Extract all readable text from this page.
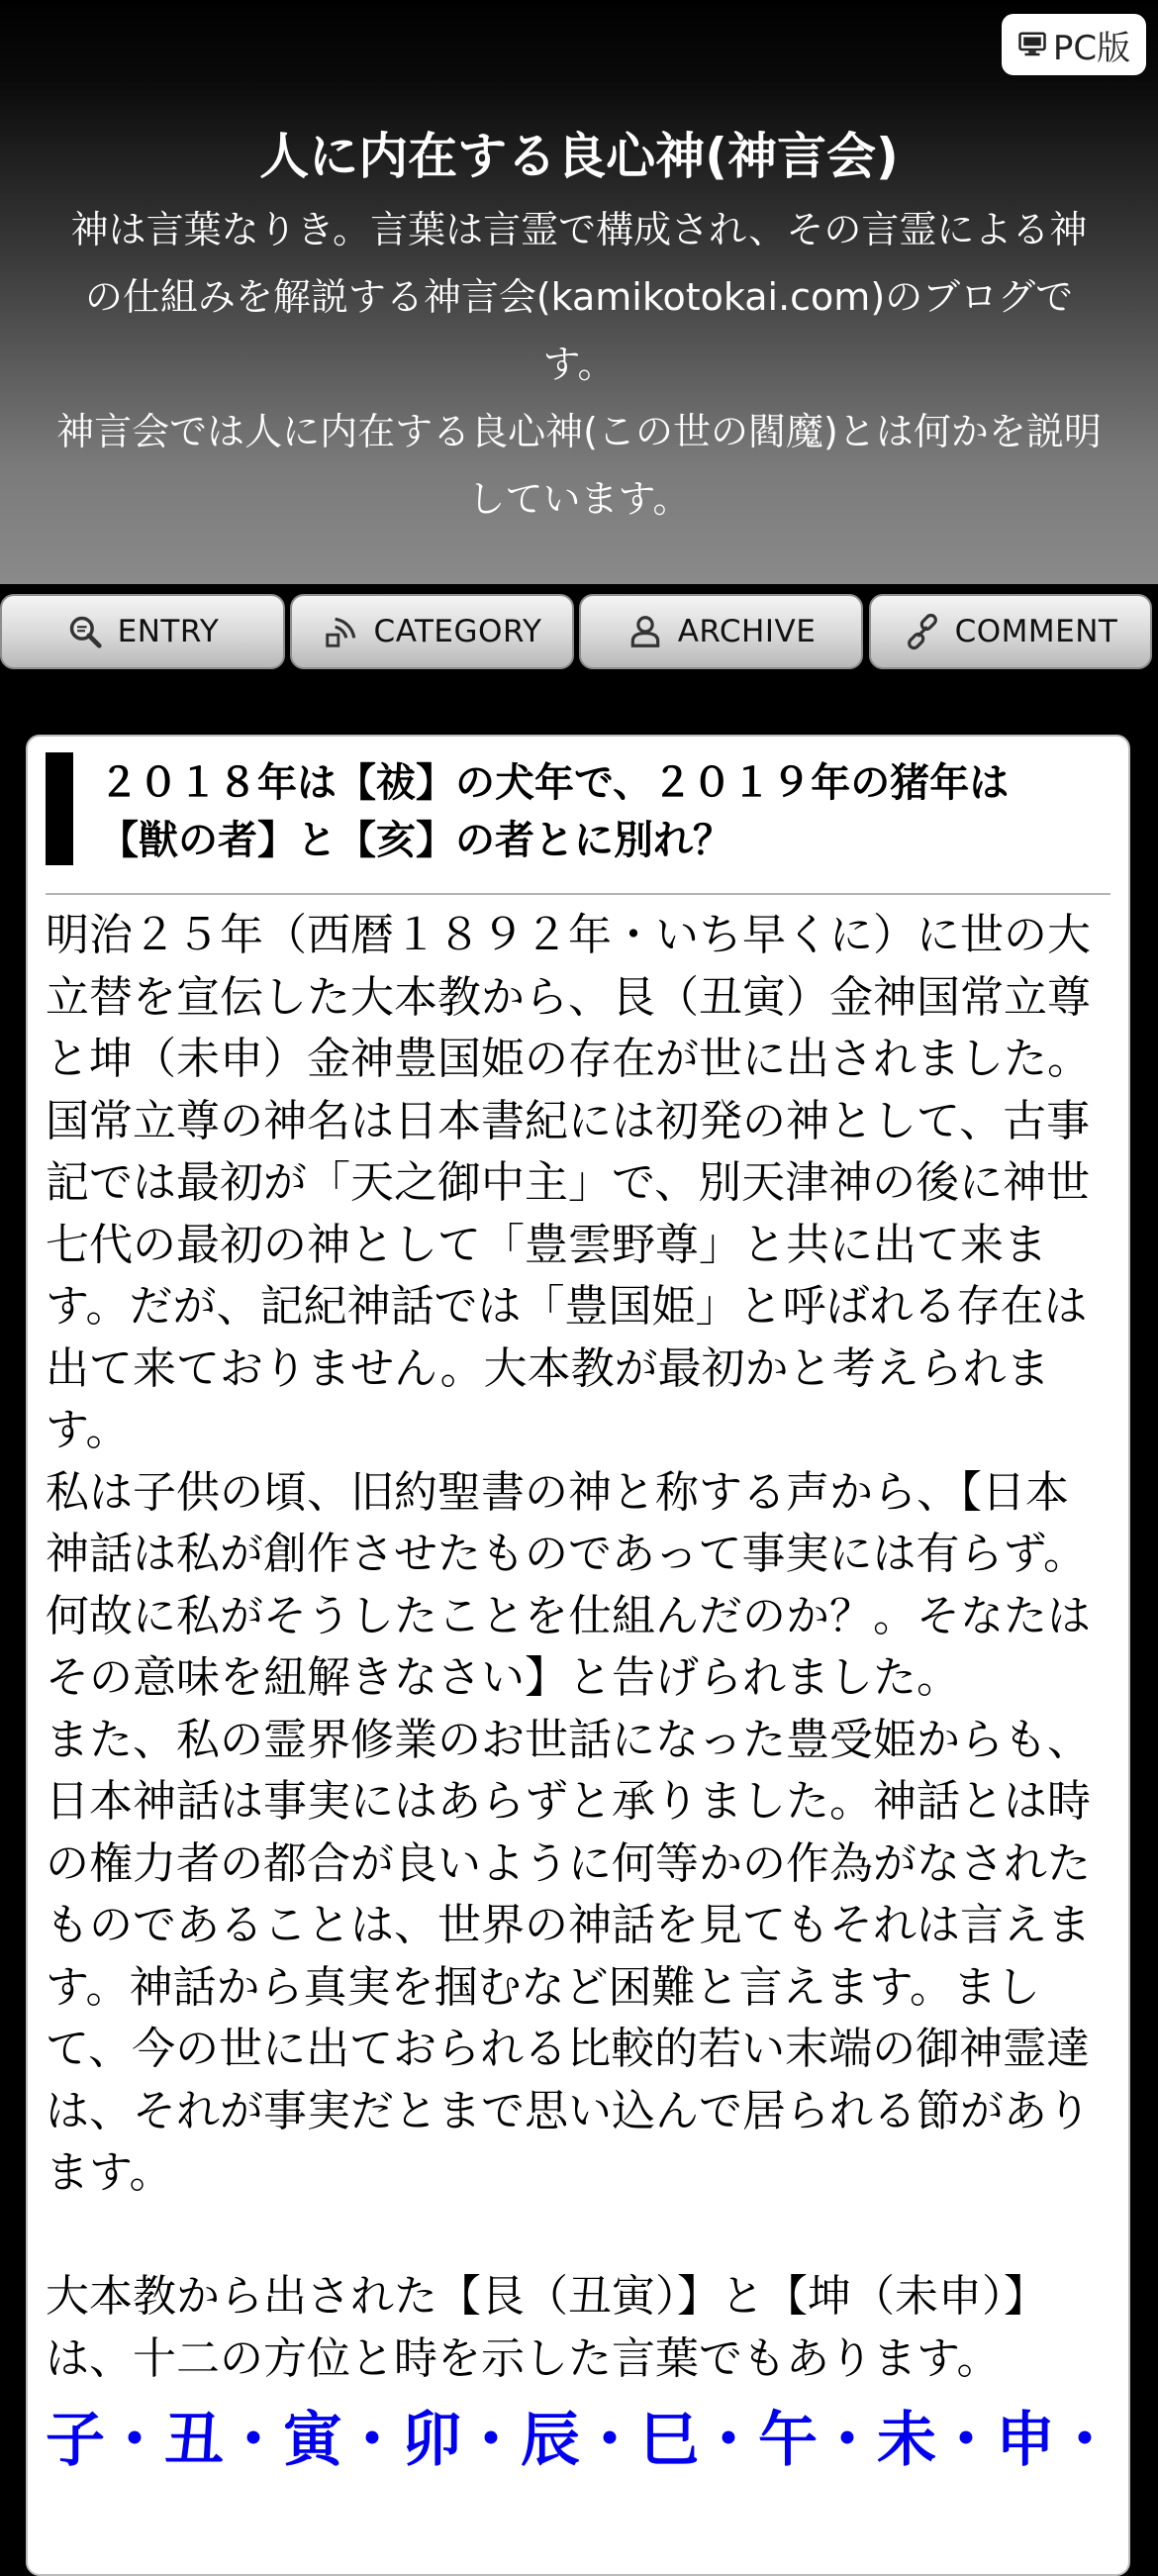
PC版
人に内在する良心神(神言会)

神は言葉なりき。言葉は言霊で構成され、その言霊による神

の仕組みを解説する神言会(kamikotokai.com)のブログで

す。

神言会では人に内在する良心神(この世の閻魔)とは何かを説明

しています。

ENTRY	CATEGORY	ARCHIVE	COMMENT
２０１８年は【祓】の犬年で、２０１９年の猪年は
【獣の者】と【亥】の者とに別れ？

明治２５年（西暦１８９２年・いち早くに）に世の大

立替を宣伝した大本教から、艮（丑寅）金神国常立尊

と坤（未申）金神豊国姫の存在が世に出されました。

国常立尊の神名は日本書紀には初発の神として、古事

記では最初が「天之御中主」で、別天津神の後に神世

七代の最初の神として「豊雲野尊」と共に出て来ま

す。だが、記紀神話では「豊国姫」と呼ばれる存在は

出て来ておりません。大本教が最初かと考えられま

す。

私は子供の頃、旧約聖書の神と称する声から、【日本

神話は私が創作させたものであって事実には有らず。

何故に私がそうしたことを仕組んだのか？。そなたは

その意味を紐解きなさい】と告げられました。

また、私の霊界修業のお世話になった豊受姫からも、

日本神話は事実にはあらずと承りました。神話とは時

の権力者の都合が良いように何等かの作為がなされた

ものであることは、世界の神話を見てもそれは言えま

す。神話から真実を掴むなど困難と言えます。まし

て、今の世に出ておられる比較的若い末端の御神霊達

は、それが事実だとまで思い込んで居られる節があり

ます。

大本教から出された【艮（丑寅）】と【坤（未申）】

は、十二の方位と時を示した言葉でもあります。

子・丑・寅・卯・辰・巳・午・未・申・
